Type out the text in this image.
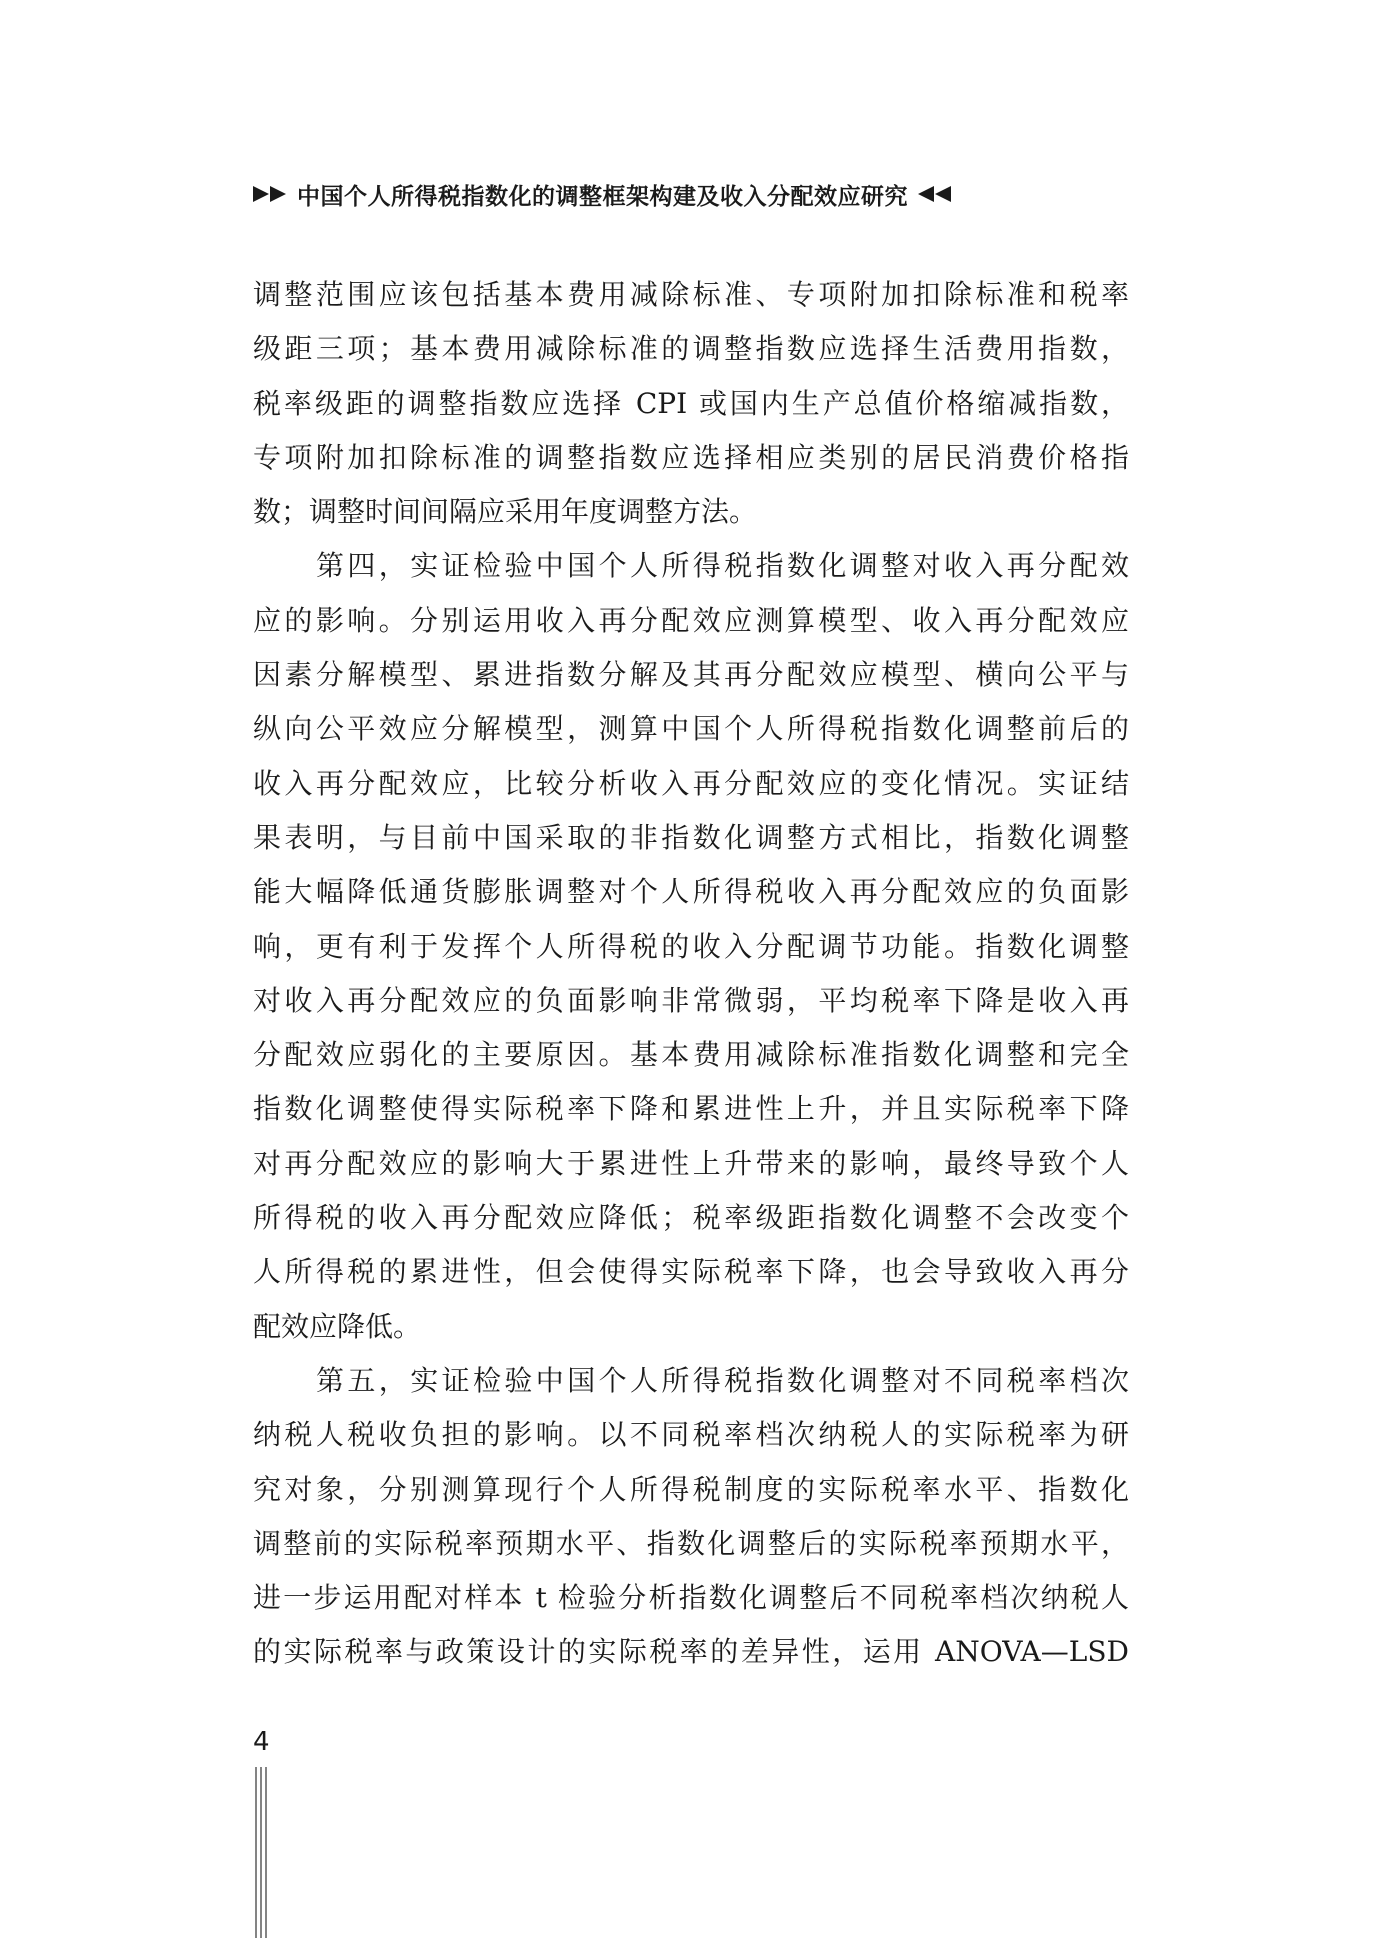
中国个人所得税指数化的调整框架构建及收入分配效应研究
调整范围应该包括基本费用减除标准、专项附加扣除标准和税率
级距三项；基本费用减除标准的调整指数应选择生活费用指数，
税率级距的调整指数应选择 CPI 或国内生产总值价格缩减指数，
专项附加扣除标准的调整指数应选择相应类别的居民消费价格指
数；调整时间间隔应采用年度调整方法。
第四，实证检验中国个人所得税指数化调整对收入再分配效
应的影响。分别运用收入再分配效应测算模型、收入再分配效应
因素分解模型、累进指数分解及其再分配效应模型、横向公平与
纵向公平效应分解模型，测算中国个人所得税指数化调整前后的
收入再分配效应，比较分析收入再分配效应的变化情况。实证结
果表明，与目前中国采取的非指数化调整方式相比，指数化调整
能大幅降低通货膨胀调整对个人所得税收入再分配效应的负面影
响，更有利于发挥个人所得税的收入分配调节功能。指数化调整
对收入再分配效应的负面影响非常微弱，平均税率下降是收入再
分配效应弱化的主要原因。基本费用减除标准指数化调整和完全
指数化调整使得实际税率下降和累进性上升，并且实际税率下降
对再分配效应的影响大于累进性上升带来的影响，最终导致个人
所得税的收入再分配效应降低；税率级距指数化调整不会改变个
人所得税的累进性，但会使得实际税率下降，也会导致收入再分
配效应降低。
第五，实证检验中国个人所得税指数化调整对不同税率档次
纳税人税收负担的影响。以不同税率档次纳税人的实际税率为研
究对象，分别测算现行个人所得税制度的实际税率水平、指数化
调整前的实际税率预期水平、指数化调整后的实际税率预期水平，
进一步运用配对样本 t 检验分析指数化调整后不同税率档次纳税人
的实际税率与政策设计的实际税率的差异性，运用 ANOVA—LSD
4
